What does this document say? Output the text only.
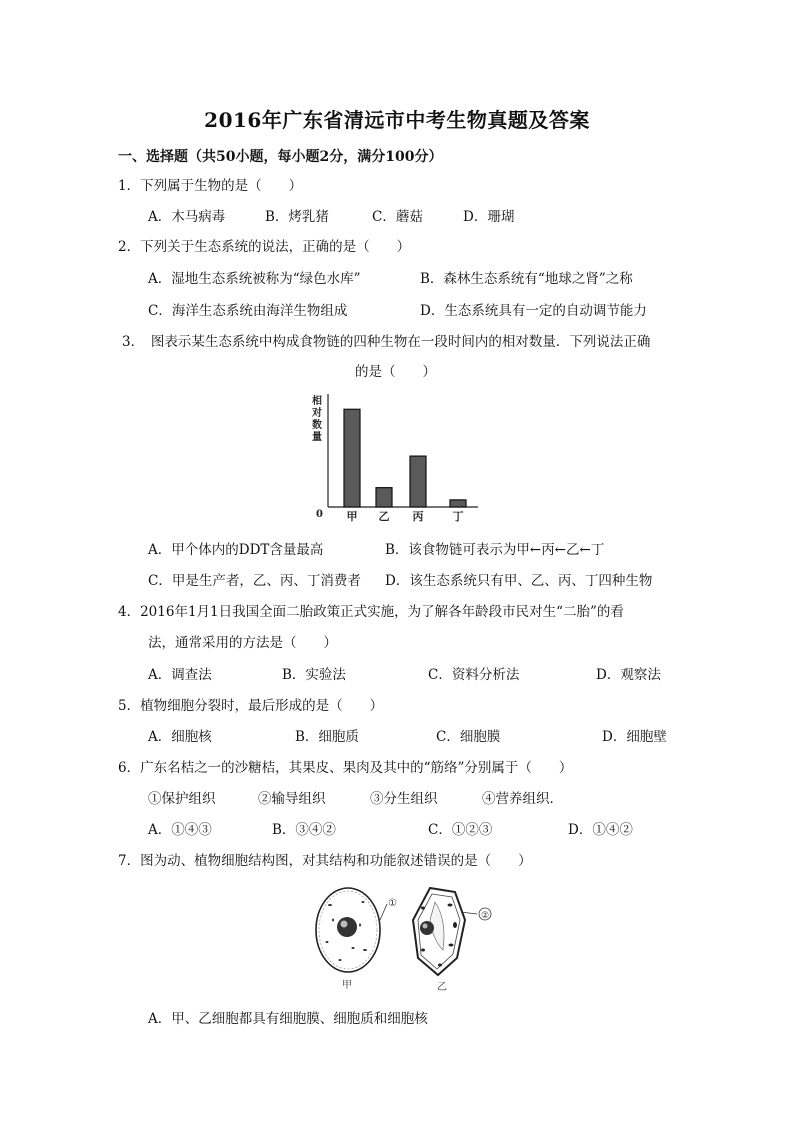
2016年广东省清远市中考生物真题及答案
一、选择题（共50小题，每小题2分，满分100分）
1．下列属于生物的是（　　）
A．木马病毒	B．烤乳猪	C．蘑菇	D．珊瑚
2．下列关于生态系统的说法，正确的是（　　）
A．湿地生态系统被称为“绿色水库”	B．森林生态系统有“地球之肾”之称
C．海洋生态系统由海洋生物组成	D．生态系统具有一定的自动调节能力
3．　图表示某生态系统中构成食物链的四种生物在一段时间内的相对数量．下列说法正确
的是（　　）
相
对
数
量
0 甲 乙 丙	丁
A．甲个体内的DDT含量最高	B．该食物链可表示为甲←丙←乙←丁
C．甲是生产者，乙、丙、丁消费者 D．该生态系统只有甲、乙、丙、丁四种生物
4．2016年1月1日我国全面二胎政策正式实施，为了解各年龄段市民对生“二胎”的看
法，通常采用的方法是（　　）
A．调查法	B．实验法	C．资料分析法	D．观察法
5．植物细胞分裂时，最后形成的是（　　）
A．细胞核	B．细胞质	C．细胞膜	D．细胞壁
6．广东名桔之一的沙糖桔，其果皮、果肉及其中的“筋络”分别属于（　　）
①保护组织	②输导组织	③分生组织	④营养组织．
A．①④③	B．③④②	C．①②③	D．①④②
7．图为动、植物细胞结构图，对其结构和功能叙述错误的是（　　）
①
甲
②
乙
A．甲、乙细胞都具有细胞膜、细胞质和细胞核
